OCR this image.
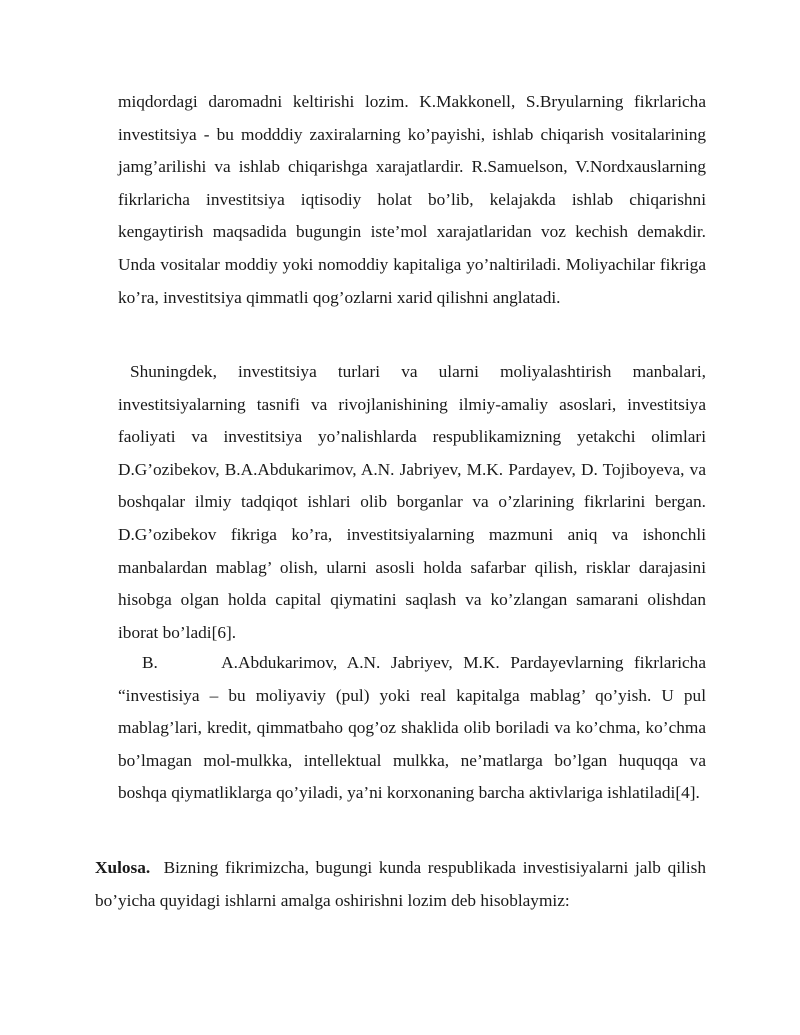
miqdordagi daromadni keltirishi lozim. K.Makkonell, S.Bryularning fikrlaricha investitsiya - bu modddiy zaxiralarning ko’payishi, ishlab chiqarish vositalarining jamg’arilishi va ishlab chiqarishga xarajatlardir. R.Samuelson, V.Nordxauslarning fikrlaricha investitsiya iqtisodiy holat bo’lib, kelajakda ishlab chiqarishni kengaytirish maqsadida bugungin iste’mol xarajatlaridan voz kechish demakdir. Unda vositalar moddiy yoki nomoddiy kapitaliga yo’naltiriladi. Moliyachilar fikriga ko’ra, investitsiya qimmatli qog’ozlarni xarid qilishni anglatadi.

Shuningdek, investitsiya turlari va ularni moliyalashtirish manbalari, investitsiyalarning tasnifi va rivojlanishining ilmiy-amaliy asoslari, investitsiya faoliyati va investitsiya yo’nalishlarda respublikamizning yetakchi olimlari D.G’ozibekov, B.A.Abdukarimov, A.N. Jabriyev, M.K. Pardayev, D. Tojiboyeva, va boshqalar ilmiy tadqiqot ishlari olib borganlar va o’zlarining fikrlarini bergan. D.G’ozibekov fikriga ko’ra, investitsiyalarning mazmuni aniq va ishonchli manbalardan mablag’ olish, ularni asosli holda safarbar qilish, risklar darajasini hisobga olgan holda capital qiymatini saqlash va ko’zlangan samarani olishdan iborat bo’ladi[6].

B.      A.Abdukarimov, A.N. Jabriyev, M.K. Pardayevlarning fikrlaricha “investisiya – bu moliyaviy (pul) yoki real kapitalga mablag’ qo’yish. U pul mablag’lari, kredit, qimmatbaho qog’oz shaklida olib boriladi va ko’chma, ko’chma bo’lmagan mol-mulkka, intellektual mulkka, ne’matlarga bo’lgan huquqqa va boshqa qiymatliklarga qo’yiladi, ya’ni korxonaning barcha aktivlariga ishlatiladi[4].

Xulosa.  Bizning fikrimizcha, bugungi kunda respublikada investisiyalarni jalb qilish bo’yicha quyidagi ishlarni amalga oshirishni lozim deb hisoblaymiz:
